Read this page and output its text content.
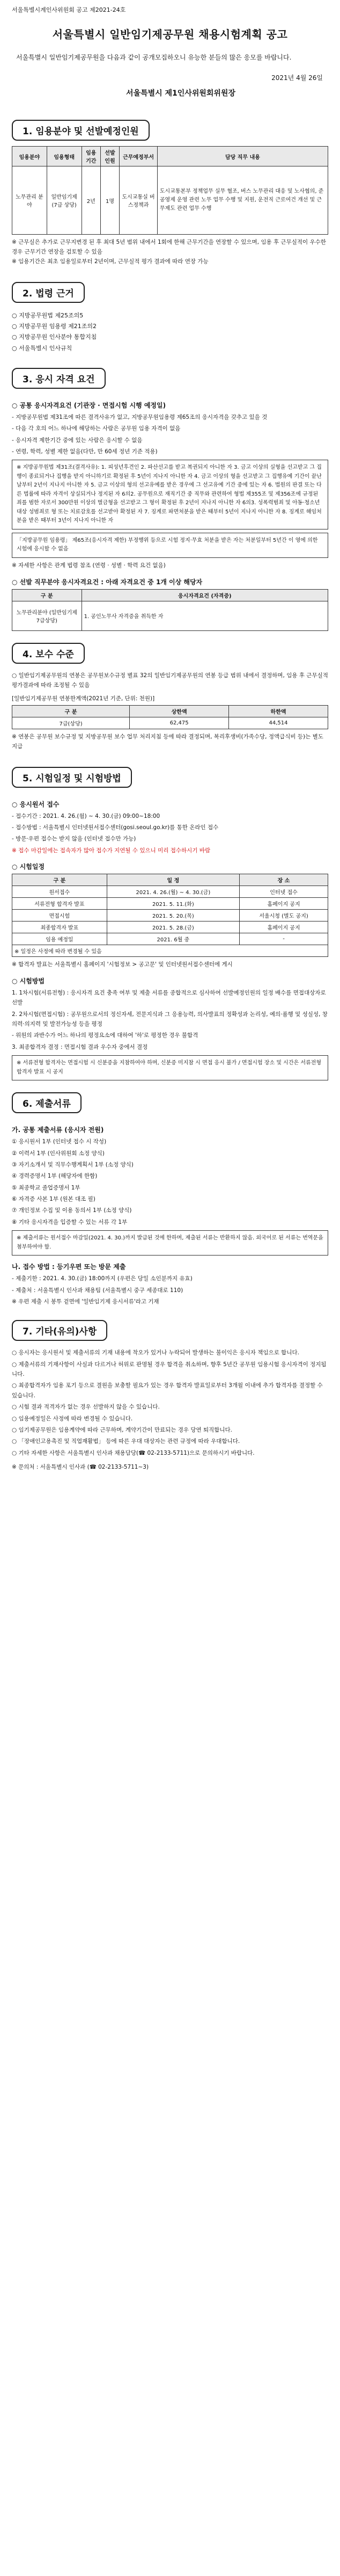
서울특별시계인사위원회 공고 제2021-24호
서울특별시 일반임기제공무원 채용시험계획 공고
서울특별시 일반임기제공무원을 다음과 같이 공개모집하오니 유능한 분들의 많은 응모를 바랍니다.
2021년 4월 26일
서울특별시 제1인사위원회위원장
1. 임용분야 및 선발예정인원
임용분야	임용형태	임용기간	선발인원	근무예정부서	담당 직무 내용
노무관리 분야	일반임기제 (7급 상당)	2년	1명	도시교통실 버스정책과	도시교통본부 정책업무 실무 협조, 버스 노무관리 대응 및 노사협의, 준공영제 운영 관련 노무 업무 수행 및 지원, 운전직 근로여건 개선 및 근무제도 관련 업무 수행
※ 근무실은 추가로 근무지변경 된 후 최대 5년 범위 내에서 1회에 한해 근무기간을 연장할 수 있으며, 임용 후 근무실적이 우수한 경우 근무기간 연장을 검토할 수 있음
※ 임용기간은 최초 임용일로부터 2년이며, 근무실적 평가 결과에 따라 연장 가능
2. 법령 근거
○ 지방공무원법 제25조의5
○ 지방공무원 임용령 제21조의2
○ 지방공무원 인사분야 통합지침
○ 서울특별시 인사규칙
3. 응시 자격 요건
○ 공통 응시자격요건 (기관장 · 면접시험 시행 예정일)
- 지방공무원법 제31조에 따른 결격사유가 없고, 지방공무원임용령 제65조의 응시자격을 갖추고 있을 것
- 다음 각 호의 어느 하나에 해당하는 사람은 공무원 임용 자격이 없음
- 응시자격 제한기간 중에 있는 사람은 응시할 수 없음
- 연령, 학력, 성별 제한 없음(다만, 만 60세 정년 기준 적용)
※ 지방공무원법 제31조(결격사유): 1. 피성년후견인 2. 파산선고를 받고 복권되지 아니한 자 3. 금고 이상의 실형을 선고받고 그 집행이 종료되거나 집행을 받지 아니하기로 확정된 후 5년이 지나지 아니한 자 4. 금고 이상의 형을 선고받고 그 집행유예 기간이 끝난 날부터 2년이 지나지 아니한 자 5. 금고 이상의 형의 선고유예를 받은 경우에 그 선고유예 기간 중에 있는 자 6. 법원의 판결 또는 다른 법률에 따라 자격이 상실되거나 정지된 자 6의2. 공무원으로 재직기간 중 직무와 관련하여 형법 제355조 및 제356조에 규정된 죄를 범한 자로서 300만원 이상의 벌금형을 선고받고 그 형이 확정된 후 2년이 지나지 아니한 자 6의3. 성폭력범죄 및 아동·청소년대상 성범죄로 형 또는 치료감호를 선고받아 확정된 자 7. 징계로 파면처분을 받은 때부터 5년이 지나지 아니한 자 8. 징계로 해임처분을 받은 때부터 3년이 지나지 아니한 자
「지방공무원 임용령」 제65조(응시자격 제한) 부정행위 등으로 시험 정지·무효 처분을 받은 자는 처분일부터 5년간 이 영에 의한 시험에 응시할 수 없음
※ 자세한 사항은 관계 법령 참조 (연령 · 성별 · 학력 요건 없음)
○ 선발 직무분야 응시자격요건 : 아래 자격요건 중 1개 이상 해당자
구 분	응시자격요건 (자격증)
노무관리분야 (일반임기제 7급상당)	1. 공인노무사 자격증을 취득한 자
4. 보수 수준
○ 일반임기제공무원의 연봉은 공무원보수규정 별표 32의 일반임기제공무원의 연봉 등급 범위 내에서 결정하며, 임용 후 근무실적 평가결과에 따라 조정될 수 있음
[일반임기제공무원 연봉한계액(2021년 기준, 단위: 천원)]
구 분	상한액	하한액
7급(상당)	62,475	44,514
※ 연봉은 공무원 보수규정 및 지방공무원 보수 업무 처리지침 등에 따라 결정되며, 복리후생비(가족수당, 정액급식비 등)는 별도 지급
5. 시험일정 및 시험방법
○ 응시원서 접수
- 접수기간 : 2021. 4. 26.(월) ~ 4. 30.(금) 09:00~18:00
- 접수방법 : 서울특별시 인터넷원서접수센터(gosi.seoul.go.kr)를 통한 온라인 접수
- 방문·우편 접수는 받지 않음 (인터넷 접수만 가능)
※ 접수 마감일에는 접속자가 많아 접수가 지연될 수 있으니 미리 접수하시기 바람
○ 시험일정
구 분	일 정	장 소
원서접수	2021. 4. 26.(월) ~ 4. 30.(금)	인터넷 접수
서류전형 합격자 발표	2021. 5. 11.(화)	홈페이지 공지
면접시험	2021. 5. 20.(목)	서울시청 (별도 공지)
최종합격자 발표	2021. 5. 28.(금)	홈페이지 공지
임용 예정일	2021. 6월 중	-
※ 일정은 사정에 따라 변경될 수 있음		
※ 합격자 발표는 서울특별시 홈페이지 '시험정보 > 공고문' 및 인터넷원서접수센터에 게시
○ 시험방법
1. 1차시험(서류전형) : 응시자격 요건 충족 여부 및 제출 서류를 종합적으로 심사하여 선발예정인원의 일정 배수를 면접대상자로 선발
2. 2차시험(면접시험) : 공무원으로서의 정신자세, 전문지식과 그 응용능력, 의사발표의 정확성과 논리성, 예의·품행 및 성실성, 창의력·의지력 및 발전가능성 등을 평정
- 위원의 과반수가 어느 하나의 평정요소에 대하여 '하'로 평정한 경우 불합격
3. 최종합격자 결정 : 면접시험 결과 우수자 중에서 결정
※ 서류전형 합격자는 면접시험 시 신분증을 지참하여야 하며, 신분증 미지참 시 면접 응시 불가 / 면접시험 장소 및 시간은 서류전형 합격자 발표 시 공지
6. 제출서류
가. 공통 제출서류 (응시자 전원)
① 응시원서 1부 (인터넷 접수 시 작성)
② 이력서 1부 (인사위원회 소정 양식)
③ 자기소개서 및 직무수행계획서 1부 (소정 양식)
④ 경력증명서 1부 (해당자에 한함)
⑤ 최종학교 졸업증명서 1부
⑥ 자격증 사본 1부 (원본 대조 필)
⑦ 개인정보 수집 및 이용 동의서 1부 (소정 양식)
⑧ 기타 응시자격을 입증할 수 있는 서류 각 1부
※ 제출서류는 원서접수 마감일(2021. 4. 30.)까지 발급된 것에 한하며, 제출된 서류는 반환하지 않음. 외국어로 된 서류는 번역문을 첨부하여야 함.
나. 접수 방법 : 등기우편 또는 방문 제출
- 제출기한 : 2021. 4. 30.(금) 18:00까지 (우편은 당일 소인분까지 유효)
- 제출처 : 서울특별시 인사과 채용팀 (서울특별시 중구 세종대로 110)
※ 우편 제출 시 봉투 겉면에 '일반임기제 응시서류'라고 기재
7. 기타(유의)사항
○ 응시자는 응시원서 및 제출서류의 기재 내용에 착오가 있거나 누락되어 발생하는 불이익은 응시자 책임으로 합니다.
○ 제출서류의 기재사항이 사실과 다르거나 허위로 판명될 경우 합격을 취소하며, 향후 5년간 공무원 임용시험 응시자격이 정지됩니다.
○ 최종합격자가 임용 포기 등으로 결원을 보충할 필요가 있는 경우 합격자 발표일로부터 3개월 이내에 추가 합격자를 결정할 수 있습니다.
○ 시험 결과 적격자가 없는 경우 선발하지 않을 수 있습니다.
○ 임용예정일은 사정에 따라 변경될 수 있습니다.
○ 임기제공무원은 임용계약에 따라 근무하며, 계약기간이 만료되는 경우 당연 퇴직합니다.
○ 「장애인고용촉진 및 직업재활법」 등에 따른 우대 대상자는 관련 규정에 따라 우대합니다.
○ 기타 자세한 사항은 서울특별시 인사과 채용담당(☎ 02-2133-5711)으로 문의하시기 바랍니다.
※ 문의처 : 서울특별시 인사과 (☎ 02-2133-5711~3)
